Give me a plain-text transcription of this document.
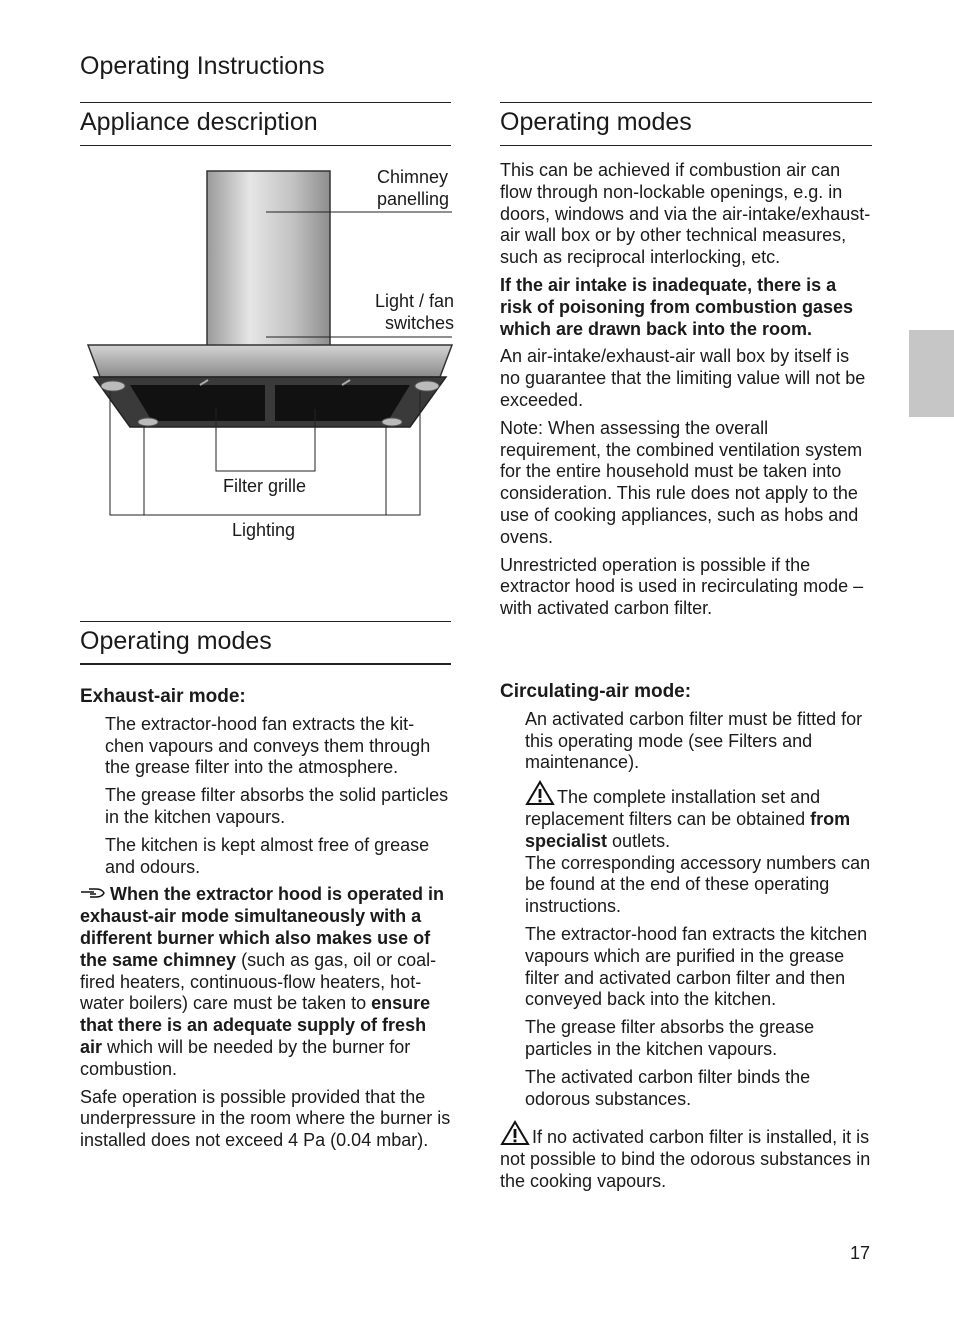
Operating Instructions
Appliance description
Chimney
panelling
Light / fan
switches
Filter grille
Lighting
Operating modes

Exhaust-air mode:

The extractor-hood fan extracts the kit-chen vapours and conveys them through the grease filter into the atmosphere.

The grease filter absorbs the solid particles in the kitchen vapours.

The kitchen is kept almost free of grease and odours.

When the extractor hood is operated in exhaust-air mode simultaneously with a different burner which also makes use of the same chimney (such as gas, oil or coal-fired heaters, continuous-flow heaters, hot-water boilers) care must be taken to ensure that there is an adequate supply of fresh air which will be needed by the burner for combustion.

Safe operation is possible provided that the underpressure in the room where the burner is installed does not exceed 4 Pa (0.04 mbar).

Operating modes

This can be achieved if combustion air can flow through non-lockable openings, e.g. in doors, windows and via the air-intake/exhaust-air wall box or by other technical measures, such as reciprocal interlocking, etc.

If the air intake is inadequate, there is a risk of poisoning from combustion gases which are drawn back into the room.

An air-intake/exhaust-air wall box by itself is no guarantee that the limiting value will not be exceeded.

Note: When assessing the overall requirement, the combined ventilation system for the entire household must be taken into consideration. This rule does not apply to the use of cooking appliances, such as hobs and ovens.

Unrestricted operation is possible if the extractor hood is used in recirculating mode – with activated carbon filter.

Circulating-air mode:

An activated carbon filter must be fitted for this operating mode (see Filters and maintenance).

The complete installation set and replacement filters can be obtained from specialist outlets.
The corresponding accessory numbers can be found at the end of these operating instructions.

The extractor-hood fan extracts the kitchen vapours which are purified in the grease filter and activated carbon filter and then conveyed back into the kitchen.

The grease filter absorbs the grease particles in the kitchen vapours.

The activated carbon filter binds the odorous substances.

If no activated carbon filter is installed, it is not possible to bind the odorous substances in the cooking vapours.

17
